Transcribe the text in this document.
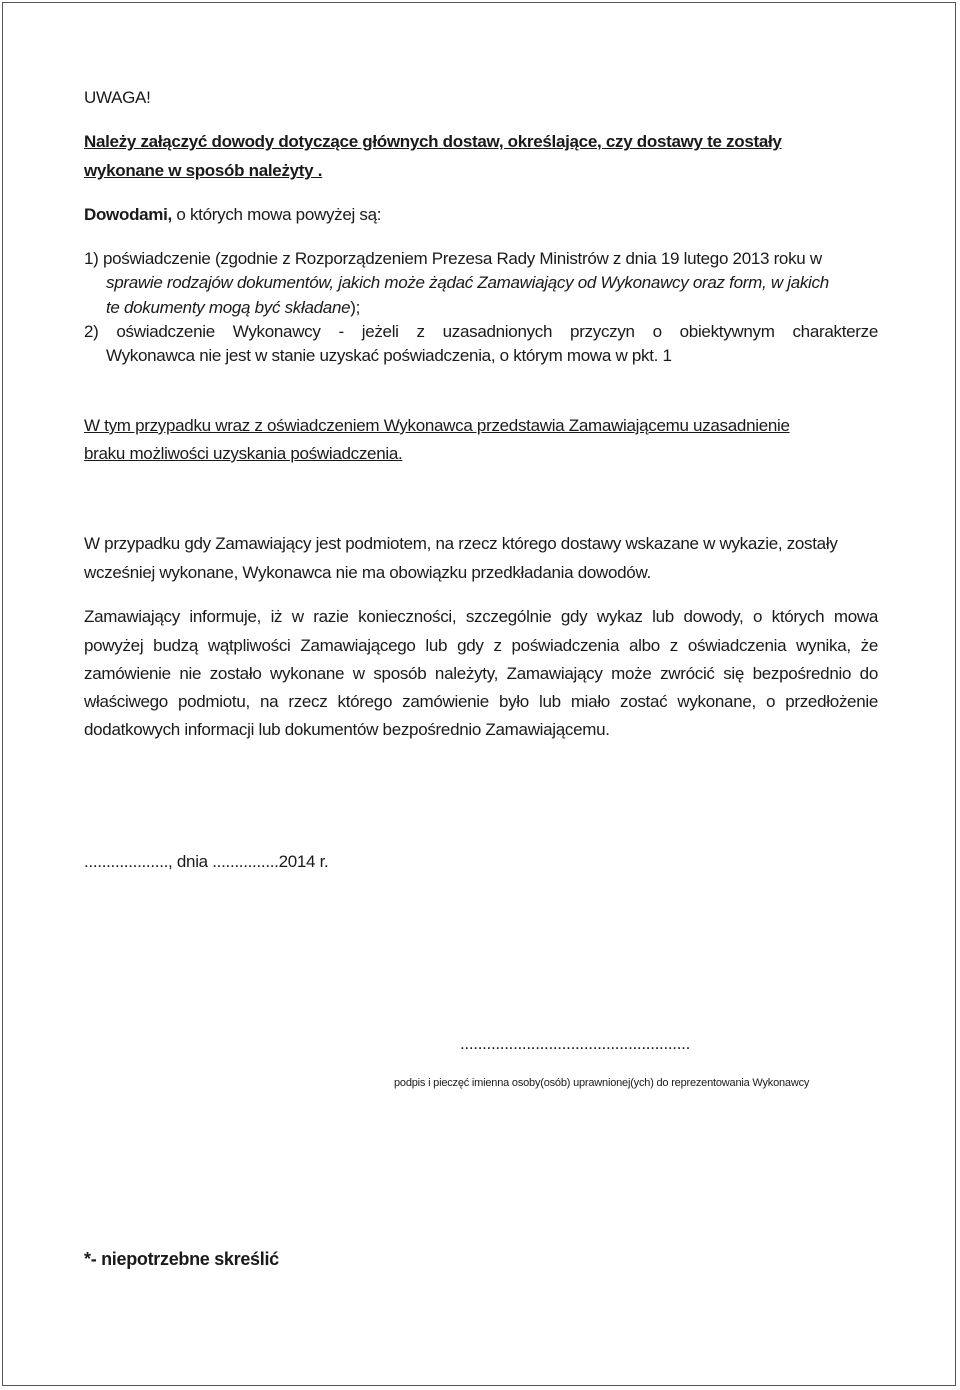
UWAGA!
Należy załączyć dowody dotyczące głównych dostaw, określające, czy dostawy te zostały
wykonane w sposób należyty .
Dowodami, o których mowa powyżej są:
1) poświadczenie (zgodnie z Rozporządzeniem Prezesa Rady Ministrów z dnia 19 lutego 2013 roku w
sprawie rodzajów dokumentów, jakich może żądać Zamawiający od Wykonawcy oraz form, w jakich
te dokumenty mogą być składane);
2) oświadczenie Wykonawcy - jeżeli z uzasadnionych przyczyn o obiektywnym charakterze
Wykonawca nie jest w stanie uzyskać poświadczenia, o którym mowa w pkt. 1
W tym przypadku wraz z oświadczeniem Wykonawca przedstawia Zamawiającemu uzasadnienie
braku możliwości uzyskania poświadczenia.
W przypadku gdy Zamawiający jest podmiotem, na rzecz którego dostawy wskazane w wykazie, zostały
wcześniej wykonane, Wykonawca nie ma obowiązku przedkładania dowodów.
Zamawiający informuje, iż w razie konieczności, szczególnie gdy wykaz lub dowody, o których mowa
powyżej budzą wątpliwości Zamawiającego lub gdy z poświadczenia albo z oświadczenia wynika, że
zamówienie nie zostało wykonane w sposób należyty, Zamawiający może zwrócić się bezpośrednio do
właściwego podmiotu, na rzecz którego zamówienie było lub miało zostać wykonane, o przedłożenie
dodatkowych informacji lub dokumentów bezpośrednio Zamawiającemu.
..................., dnia ...............2014 r.
....................................................
podpis i pieczęć imienna osoby(osób) uprawnionej(ych) do reprezentowania Wykonawcy
*- niepotrzebne skreślić
